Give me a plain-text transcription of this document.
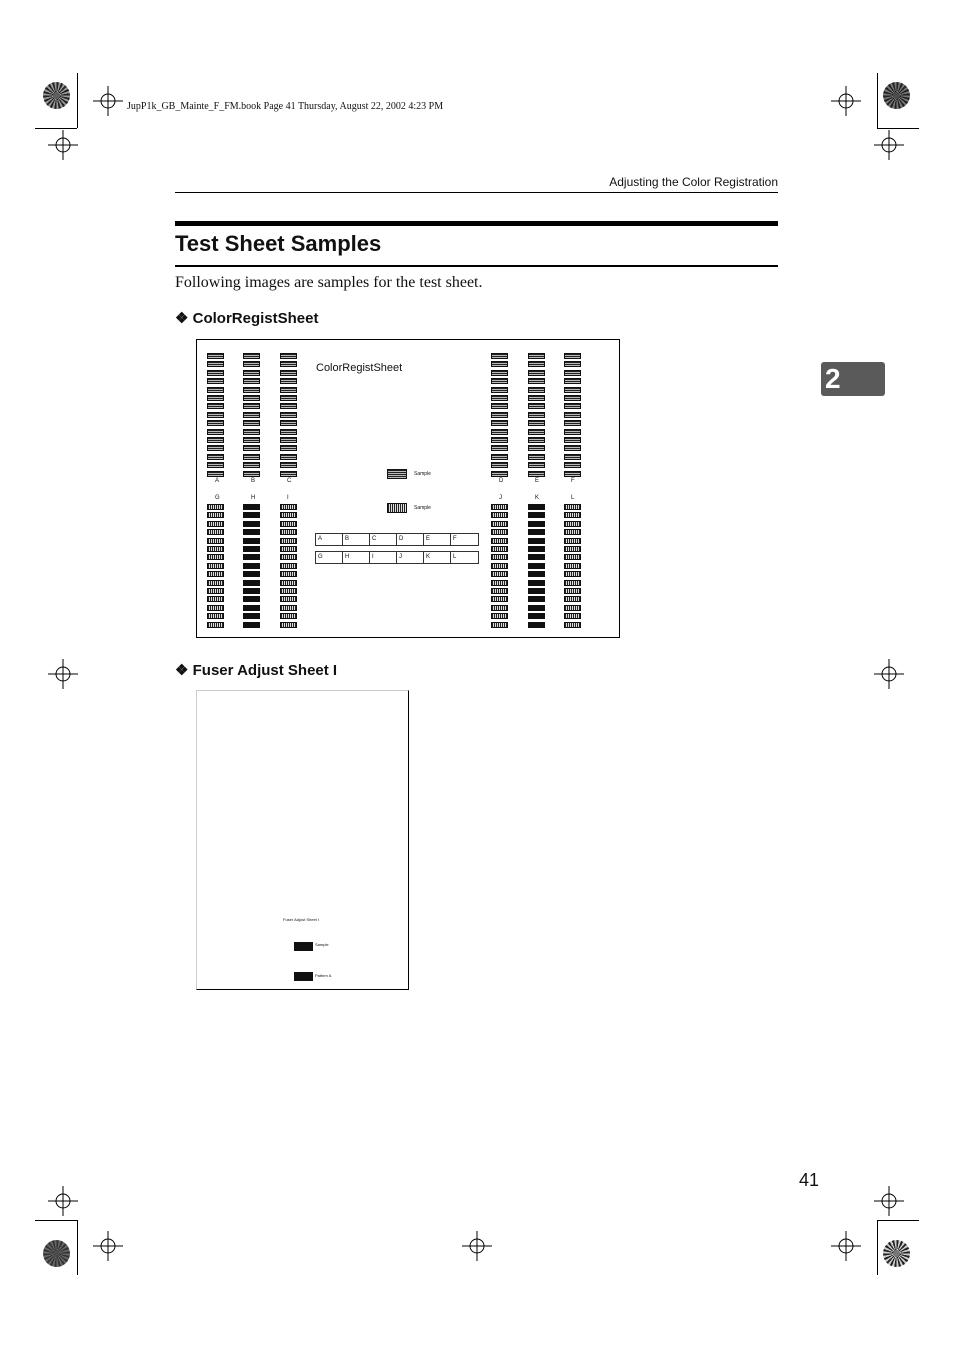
JupP1k_GB_Mainte_F_FM.book Page 41 Thursday, August 22, 2002 4:23 PM
Adjusting the Color Registration
2
Test Sheet Samples
Following images are samples for the test sheet.
❖ ColorRegistSheet
ColorRegistSheet
Sample
Sample
A	B	C	D	E	F
G	H	I	J	K	L
A	B	C	D	E	F
G	H	I	J	K	L
❖ Fuser Adjust Sheet I
Fuser Adjust Sheet I
Sample
Pattern A
41
